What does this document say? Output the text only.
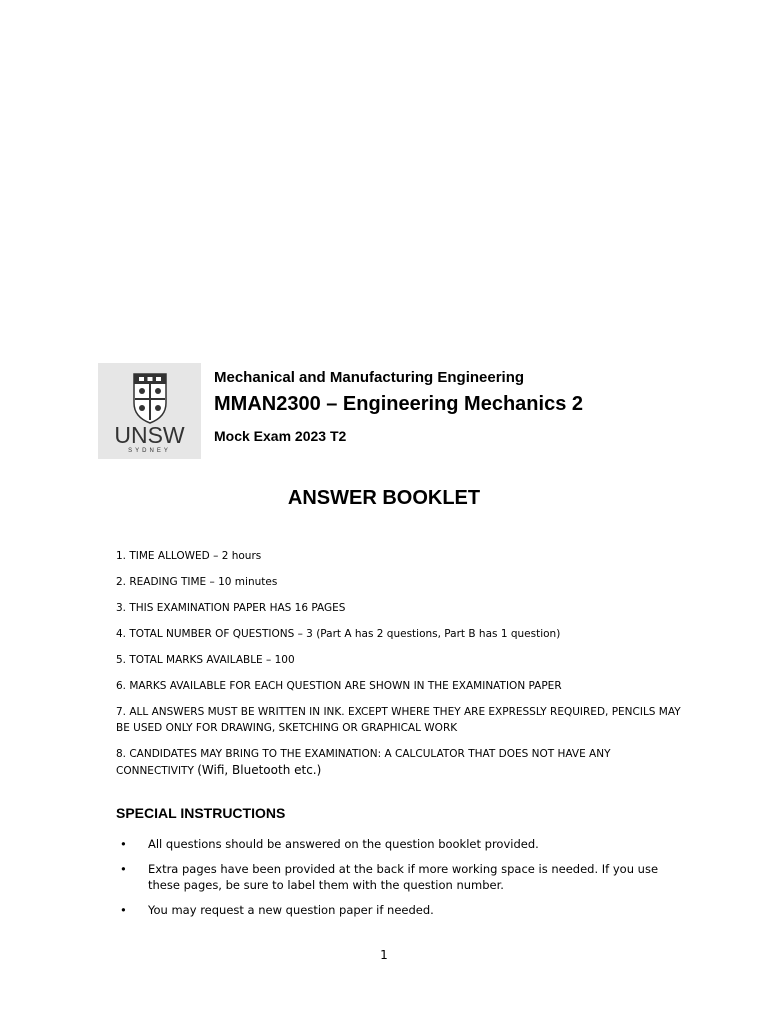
UNSW
SYDNEY
Mechanical and Manufacturing Engineering
MMAN2300 – Engineering Mechanics 2
Mock Exam 2023 T2
ANSWER BOOKLET
1. TIME ALLOWED – 2 hours
2. READING TIME – 10 minutes
3. THIS EXAMINATION PAPER HAS 16 PAGES
4. TOTAL NUMBER OF QUESTIONS – 3 (Part A has 2 questions, Part B has 1 question)
5. TOTAL MARKS AVAILABLE – 100
6. MARKS AVAILABLE FOR EACH QUESTION ARE SHOWN IN THE EXAMINATION PAPER
7. ALL ANSWERS MUST BE WRITTEN IN INK. EXCEPT WHERE THEY ARE EXPRESSLY REQUIRED, PENCILS MAY BE USED ONLY FOR DRAWING, SKETCHING OR GRAPHICAL WORK
8. CANDIDATES MAY BRING TO THE EXAMINATION: A CALCULATOR THAT DOES NOT HAVE ANY CONNECTIVITY (Wifi, Bluetooth etc.)
SPECIAL INSTRUCTIONS
• All questions should be answered on the question booklet provided.
• Extra pages have been provided at the back if more working space is needed. If you use these pages, be sure to label them with the question number.
• You may request a new question paper if needed.
1
